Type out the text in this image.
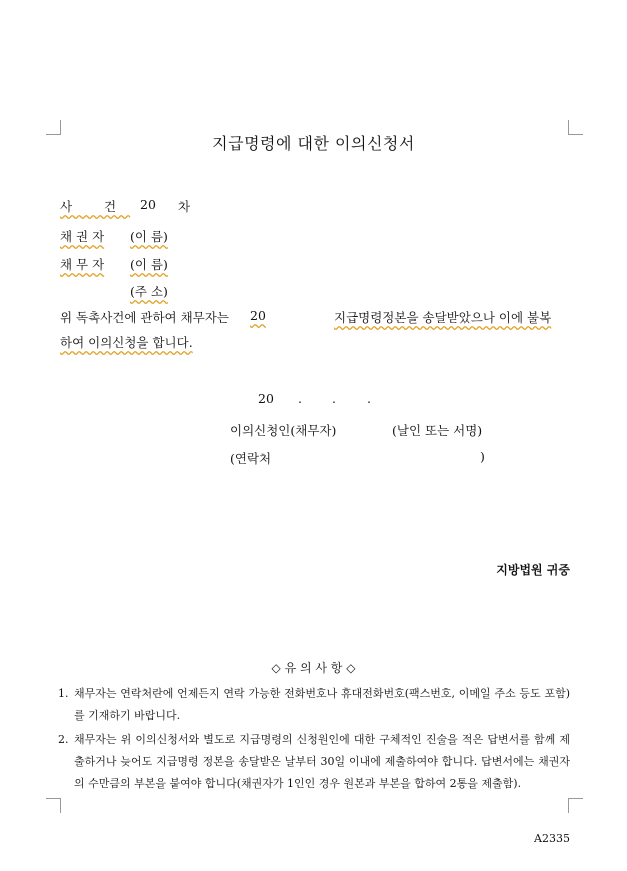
지급명령에 대한 이의신청서
사 건 20 차
채 권 자 (이 름)
채 무 자 (이 름)
(주 소)
위 독촉사건에 관하여 채무자는 20	지급명령정본을 송달받았으나 이에 불복
하여 이의신청을 합니다.
20 . . .
이의신청인(채무자)	(날인 또는 서명)
(연락처	)
지방법원 귀중
◇ 유 의 사 항 ◇
1. 채무자는 연락처란에 언제든지 연락 가능한 전화번호나 휴대전화번호(팩스번호, 이메일 주소 등도 포함)를 기재하기 바랍니다.
2. 채무자는 위 이의신청서와 별도로 지급명령의 신청원인에 대한 구체적인 진술을 적은 답변서를 함께 제출하거나 늦어도 지급명령 정본을 송달받은 날부터 30일 이내에 제출하여야 합니다. 답변서에는 채권자의 수만큼의 부본을 붙여야 합니다(채권자가 1인인 경우 원본과 부본을 합하여 2통을 제출함).
A2335
